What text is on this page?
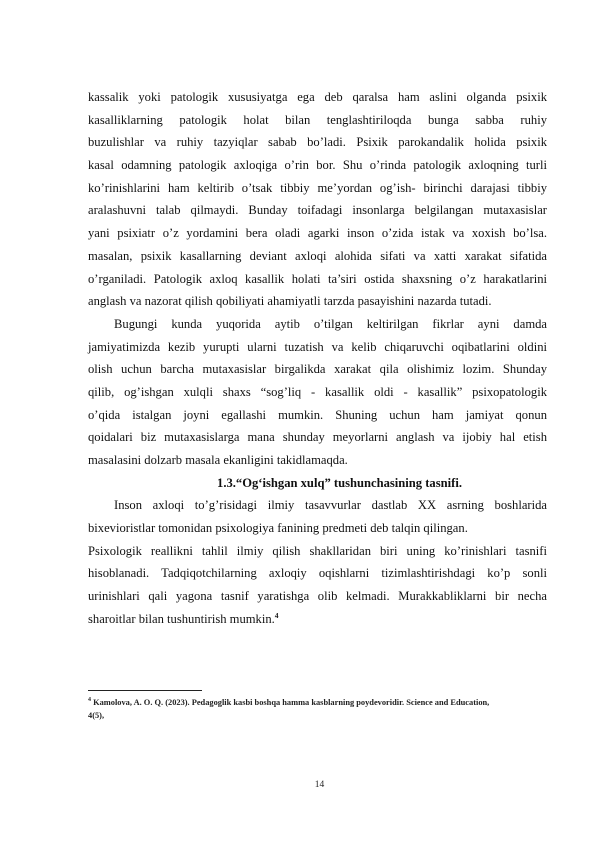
kassalik yoki patologik xususiyatga ega deb qaralsa ham aslini olganda psixik
kasalliklarning patologik holat bilan tenglashtiriloqda bunga sabba ruhiy
buzulishlar va ruhiy tazyiqlar sabab bo’ladi. Psixik parokandalik holida psixik
kasal odamning patologik axloqiga o’rin bor. Shu o’rinda patologik axloqning turli
ko’rinishlarini ham keltirib o’tsak tibbiy me’yordan og’ish- birinchi darajasi tibbiy
aralashuvni talab qilmaydi. Bunday toifadagi insonlarga belgilangan mutaxasislar
yani psixiatr o’z yordamini bera oladi agarki inson o’zida istak va xoxish bo’lsa.
masalan, psixik kasallarning deviant axloqi alohida sifati va xatti xarakat sifatida
o’rganiladi. Patologik axloq kasallik holati ta’siri ostida shaxsning o’z harakatlarini
anglash va nazorat qilish qobiliyati ahamiyatli tarzda pasayishini nazarda tutadi.
Bugungi kunda yuqorida aytib o’tilgan keltirilgan fikrlar ayni damda
jamiyatimizda kezib yurupti ularni tuzatish va kelib chiqaruvchi oqibatlarini oldini
olish uchun barcha mutaxasislar birgalikda xarakat qila olishimiz lozim. Shunday
qilib, og’ishgan xulqli shaxs “sog’liq - kasallik oldi - kasallik” psixopatologik
o’qida istalgan joyni egallashi mumkin. Shuning uchun ham jamiyat qonun
qoidalari biz mutaxasislarga mana shunday meyorlarni anglash va ijobiy hal etish
masalasini dolzarb masala ekanligini takidlamaqda.
1.3.“Og‘ishgan xulq” tushunchasining tasnifi.
Inson axloqi to’g’risidagi ilmiy tasavvurlar dastlab XX asrning boshlarida
bixevioristlar tomonidan psixologiya fanining predmeti deb talqin qilingan.
Psixologik reallikni tahlil ilmiy qilish shakllaridan biri uning ko’rinishlari tasnifi
hisoblanadi. Tadqiqotchilarning axloqiy oqishlarni tizimlashtirishdagi ko’p sonli
urinishlari qali yagona tasnif yaratishga olib kelmadi. Murakkabliklarni bir necha
sharoitlar bilan tushuntirish mumkin.$^4$
$^4$ Kamolova, A. O. Q. (2023). Pedagoglik kasbi boshqa hamma kasblarning poydevoridir. Science and Education,
4(5),
14
